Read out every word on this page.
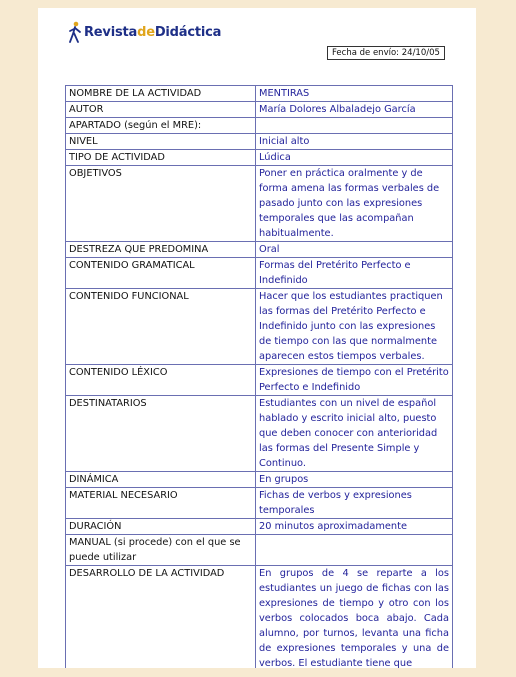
RevistadeDidáctica
Fecha de envío: 24/10/05
NOMBRE DE LA ACTIVIDAD	MENTIRAS
AUTOR	María Dolores Albaladejo García
APARTADO (según el MRE):	
NIVEL	Inicial alto
TIPO DE ACTIVIDAD	Lúdica
OBJETIVOS	Poner en práctica oralmente y de forma amena las formas verbales de pasado junto con las expresiones temporales que las acompañan habitualmente.
DESTREZA QUE PREDOMINA	Oral
CONTENIDO GRAMATICAL	Formas del Pretérito Perfecto e Indefinido
CONTENIDO FUNCIONAL	Hacer que los estudiantes practiquen las formas del Pretérito Perfecto e Indefinido junto con las expresiones de tiempo con las que normalmente aparecen estos tiempos verbales.
CONTENIDO LÉXICO	Expresiones de tiempo con el Pretérito Perfecto e Indefinido
DESTINATARIOS	Estudiantes con un nivel de español hablado y escrito inicial alto, puesto que deben conocer con anterioridad las formas del Presente Simple y Continuo.
DINÁMICA	En grupos
MATERIAL NECESARIO	Fichas de verbos y expresiones temporales
DURACIÓN	20 minutos aproximadamente
MANUAL (si procede) con el que se puede utilizar	
DESARROLLO DE LA ACTIVIDAD	En grupos de 4 se reparte a los estudiantes un juego de fichas con las expresiones de tiempo y otro con los verbos colocados boca abajo. Cada alumno, por turnos, levanta una ficha de expresiones temporales y una de verbos. El estudiante tiene que
